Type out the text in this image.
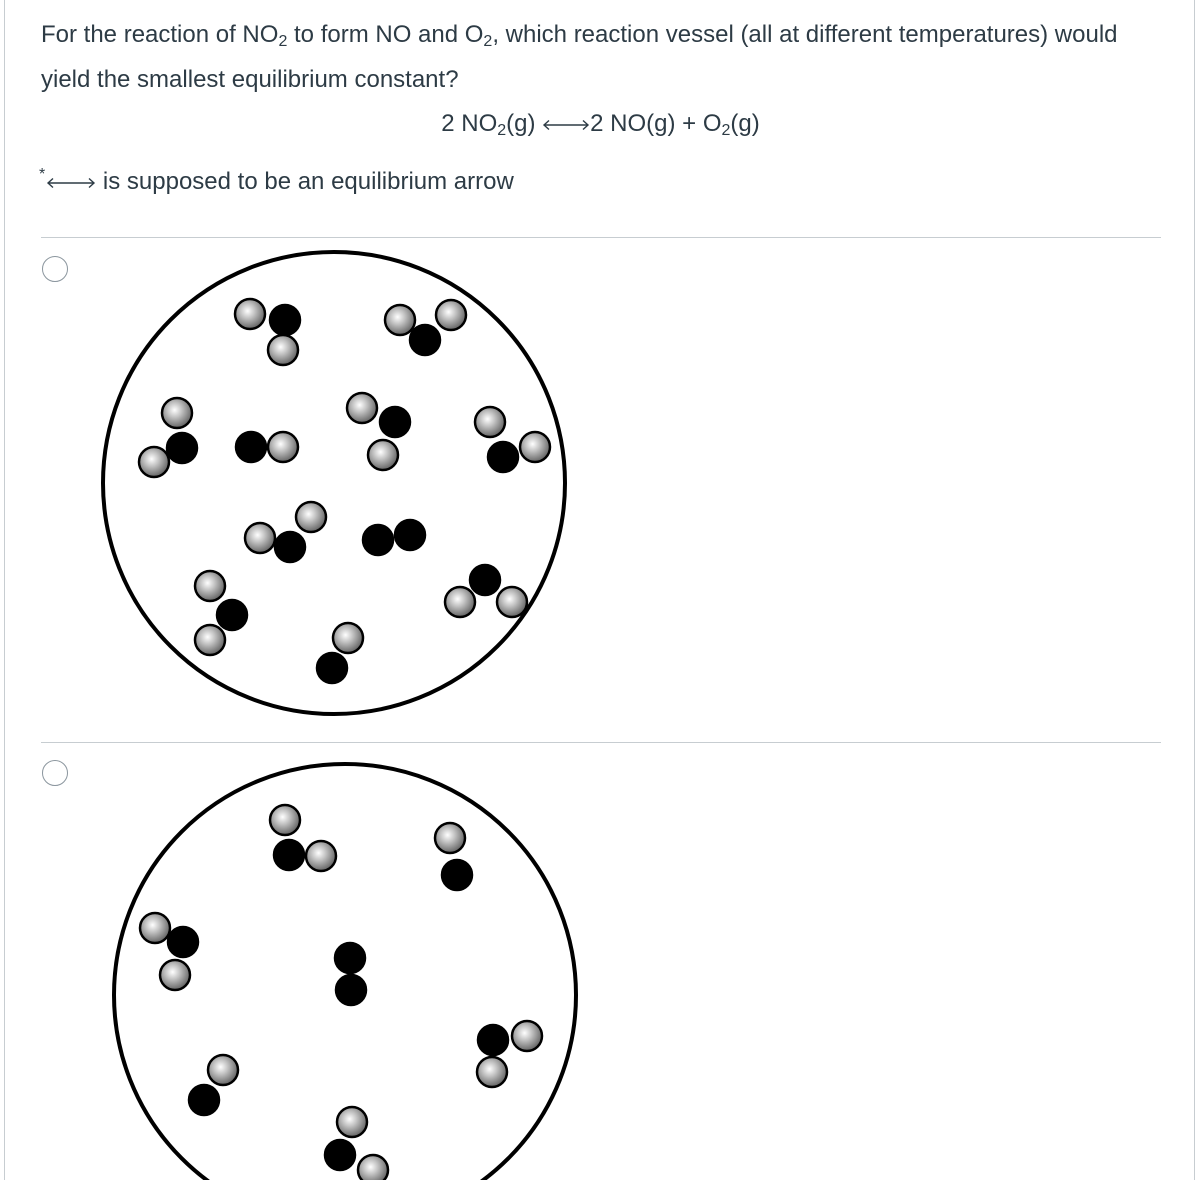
For the reaction of $NO_2$ to form NO and $O_2$, which reaction vessel (all at different temperatures) would yield the smallest equilibrium constant?
2 $NO_2(g)$ 2 $NO(g) + O_2(g)$
* is supposed to be an equilibrium arrow
